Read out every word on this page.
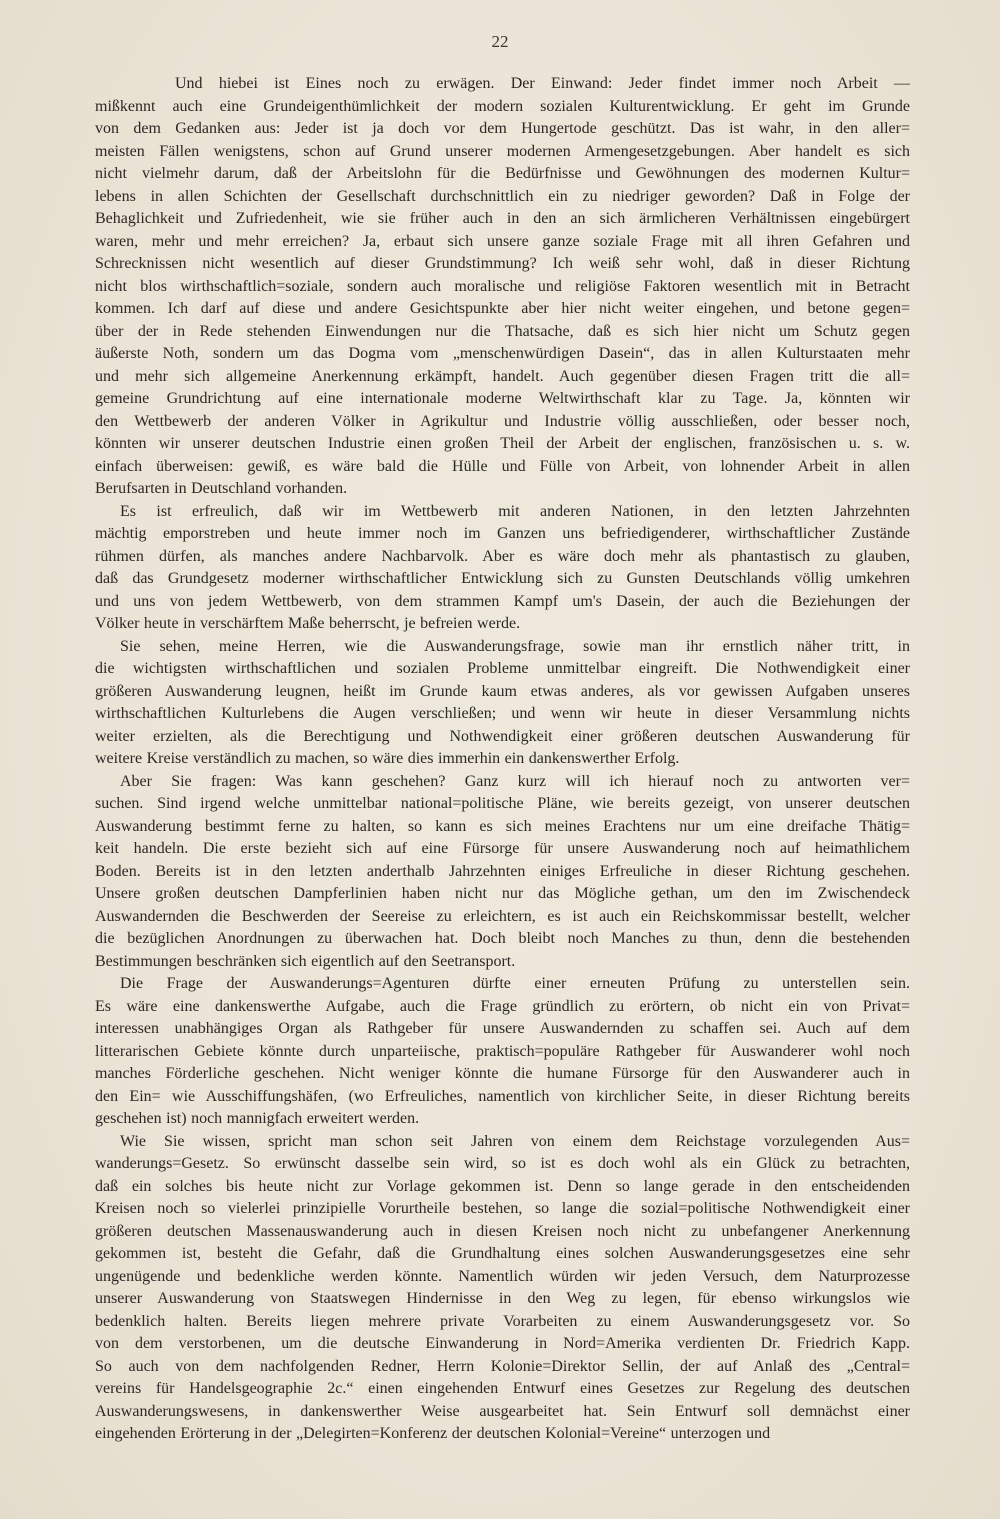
22
Und hiebei ist Eines noch zu erwägen. Der Einwand: Jeder findet immer noch Arbeit —
mißkennt auch eine Grundeigenthümlichkeit der modern sozialen Kulturentwicklung. Er geht im Grunde
von dem Gedanken aus: Jeder ist ja doch vor dem Hungertode geschützt. Das ist wahr, in den aller=
meisten Fällen wenigstens, schon auf Grund unserer modernen Armengesetzgebungen. Aber handelt es sich
nicht vielmehr darum, daß der Arbeitslohn für die Bedürfnisse und Gewöhnungen des modernen Kultur=
lebens in allen Schichten der Gesellschaft durchschnittlich ein zu niedriger geworden? Daß in Folge der
Behaglichkeit und Zufriedenheit, wie sie früher auch in den an sich ärmlicheren Verhältnissen eingebürgert
waren, mehr und mehr erreichen? Ja, erbaut sich unsere ganze soziale Frage mit all ihren Gefahren und
Schrecknissen nicht wesentlich auf dieser Grundstimmung? Ich weiß sehr wohl, daß in dieser Richtung
nicht blos wirthschaftlich=soziale, sondern auch moralische und religiöse Faktoren wesentlich mit in Betracht
kommen. Ich darf auf diese und andere Gesichtspunkte aber hier nicht weiter eingehen, und betone gegen=
über der in Rede stehenden Einwendungen nur die Thatsache, daß es sich hier nicht um Schutz gegen
äußerste Noth, sondern um das Dogma vom „menschenwürdigen Dasein“, das in allen Kulturstaaten mehr
und mehr sich allgemeine Anerkennung erkämpft, handelt. Auch gegenüber diesen Fragen tritt die all=
gemeine Grundrichtung auf eine internationale moderne Weltwirthschaft klar zu Tage. Ja, könnten wir
den Wettbewerb der anderen Völker in Agrikultur und Industrie völlig ausschließen, oder besser noch,
könnten wir unserer deutschen Industrie einen großen Theil der Arbeit der englischen, französischen u. s. w.
einfach überweisen: gewiß, es wäre bald die Hülle und Fülle von Arbeit, von lohnender Arbeit in allen
Berufsarten in Deutschland vorhanden.
Es ist erfreulich, daß wir im Wettbewerb mit anderen Nationen, in den letzten Jahrzehnten
mächtig emporstreben und heute immer noch im Ganzen uns befriedigenderer, wirthschaftlicher Zustände
rühmen dürfen, als manches andere Nachbarvolk. Aber es wäre doch mehr als phantastisch zu glauben,
daß das Grundgesetz moderner wirthschaftlicher Entwicklung sich zu Gunsten Deutschlands völlig umkehren
und uns von jedem Wettbewerb, von dem strammen Kampf um's Dasein, der auch die Beziehungen der
Völker heute in verschärftem Maße beherrscht, je befreien werde.
Sie sehen, meine Herren, wie die Auswanderungsfrage, sowie man ihr ernstlich näher tritt, in
die wichtigsten wirthschaftlichen und sozialen Probleme unmittelbar eingreift. Die Nothwendigkeit einer
größeren Auswanderung leugnen, heißt im Grunde kaum etwas anderes, als vor gewissen Aufgaben unseres
wirthschaftlichen Kulturlebens die Augen verschließen; und wenn wir heute in dieser Versammlung nichts
weiter erzielten, als die Berechtigung und Nothwendigkeit einer größeren deutschen Auswanderung für
weitere Kreise verständlich zu machen, so wäre dies immerhin ein dankenswerther Erfolg.
Aber Sie fragen: Was kann geschehen? Ganz kurz will ich hierauf noch zu antworten ver=
suchen. Sind irgend welche unmittelbar national=politische Pläne, wie bereits gezeigt, von unserer deutschen
Auswanderung bestimmt ferne zu halten, so kann es sich meines Erachtens nur um eine dreifache Thätig=
keit handeln. Die erste bezieht sich auf eine Fürsorge für unsere Auswanderung noch auf heimathlichem
Boden. Bereits ist in den letzten anderthalb Jahrzehnten einiges Erfreuliche in dieser Richtung geschehen.
Unsere großen deutschen Dampferlinien haben nicht nur das Mögliche gethan, um den im Zwischendeck
Auswandernden die Beschwerden der Seereise zu erleichtern, es ist auch ein Reichskommissar bestellt, welcher
die bezüglichen Anordnungen zu überwachen hat. Doch bleibt noch Manches zu thun, denn die bestehenden
Bestimmungen beschränken sich eigentlich auf den Seetransport.
Die Frage der Auswanderungs=Agenturen dürfte einer erneuten Prüfung zu unterstellen sein.
Es wäre eine dankenswerthe Aufgabe, auch die Frage gründlich zu erörtern, ob nicht ein von Privat=
interessen unabhängiges Organ als Rathgeber für unsere Auswandernden zu schaffen sei. Auch auf dem
litterarischen Gebiete könnte durch unparteiische, praktisch=populäre Rathgeber für Auswanderer wohl noch
manches Förderliche geschehen. Nicht weniger könnte die humane Fürsorge für den Auswanderer auch in
den Ein= wie Ausschiffungshäfen, (wo Erfreuliches, namentlich von kirchlicher Seite, in dieser Richtung bereits
geschehen ist) noch mannigfach erweitert werden.
Wie Sie wissen, spricht man schon seit Jahren von einem dem Reichstage vorzulegenden Aus=
wanderungs=Gesetz. So erwünscht dasselbe sein wird, so ist es doch wohl als ein Glück zu betrachten,
daß ein solches bis heute nicht zur Vorlage gekommen ist. Denn so lange gerade in den entscheidenden
Kreisen noch so vielerlei prinzipielle Vorurtheile bestehen, so lange die sozial=politische Nothwendigkeit einer
größeren deutschen Massenauswanderung auch in diesen Kreisen noch nicht zu unbefangener Anerkennung
gekommen ist, besteht die Gefahr, daß die Grundhaltung eines solchen Auswanderungsgesetzes eine sehr
ungenügende und bedenkliche werden könnte. Namentlich würden wir jeden Versuch, dem Naturprozesse
unserer Auswanderung von Staatswegen Hindernisse in den Weg zu legen, für ebenso wirkungslos wie
bedenklich halten. Bereits liegen mehrere private Vorarbeiten zu einem Auswanderungsgesetz vor. So
von dem verstorbenen, um die deutsche Einwanderung in Nord=Amerika verdienten Dr. Friedrich Kapp.
So auch von dem nachfolgenden Redner, Herrn Kolonie=Direktor Sellin, der auf Anlaß des „Central=
vereins für Handelsgeographie 2c.“ einen eingehenden Entwurf eines Gesetzes zur Regelung des deutschen
Auswanderungswesens, in dankenswerther Weise ausgearbeitet hat. Sein Entwurf soll demnächst einer
eingehenden Erörterung in der „Delegirten=Konferenz der deutschen Kolonial=Vereine“ unterzogen und
